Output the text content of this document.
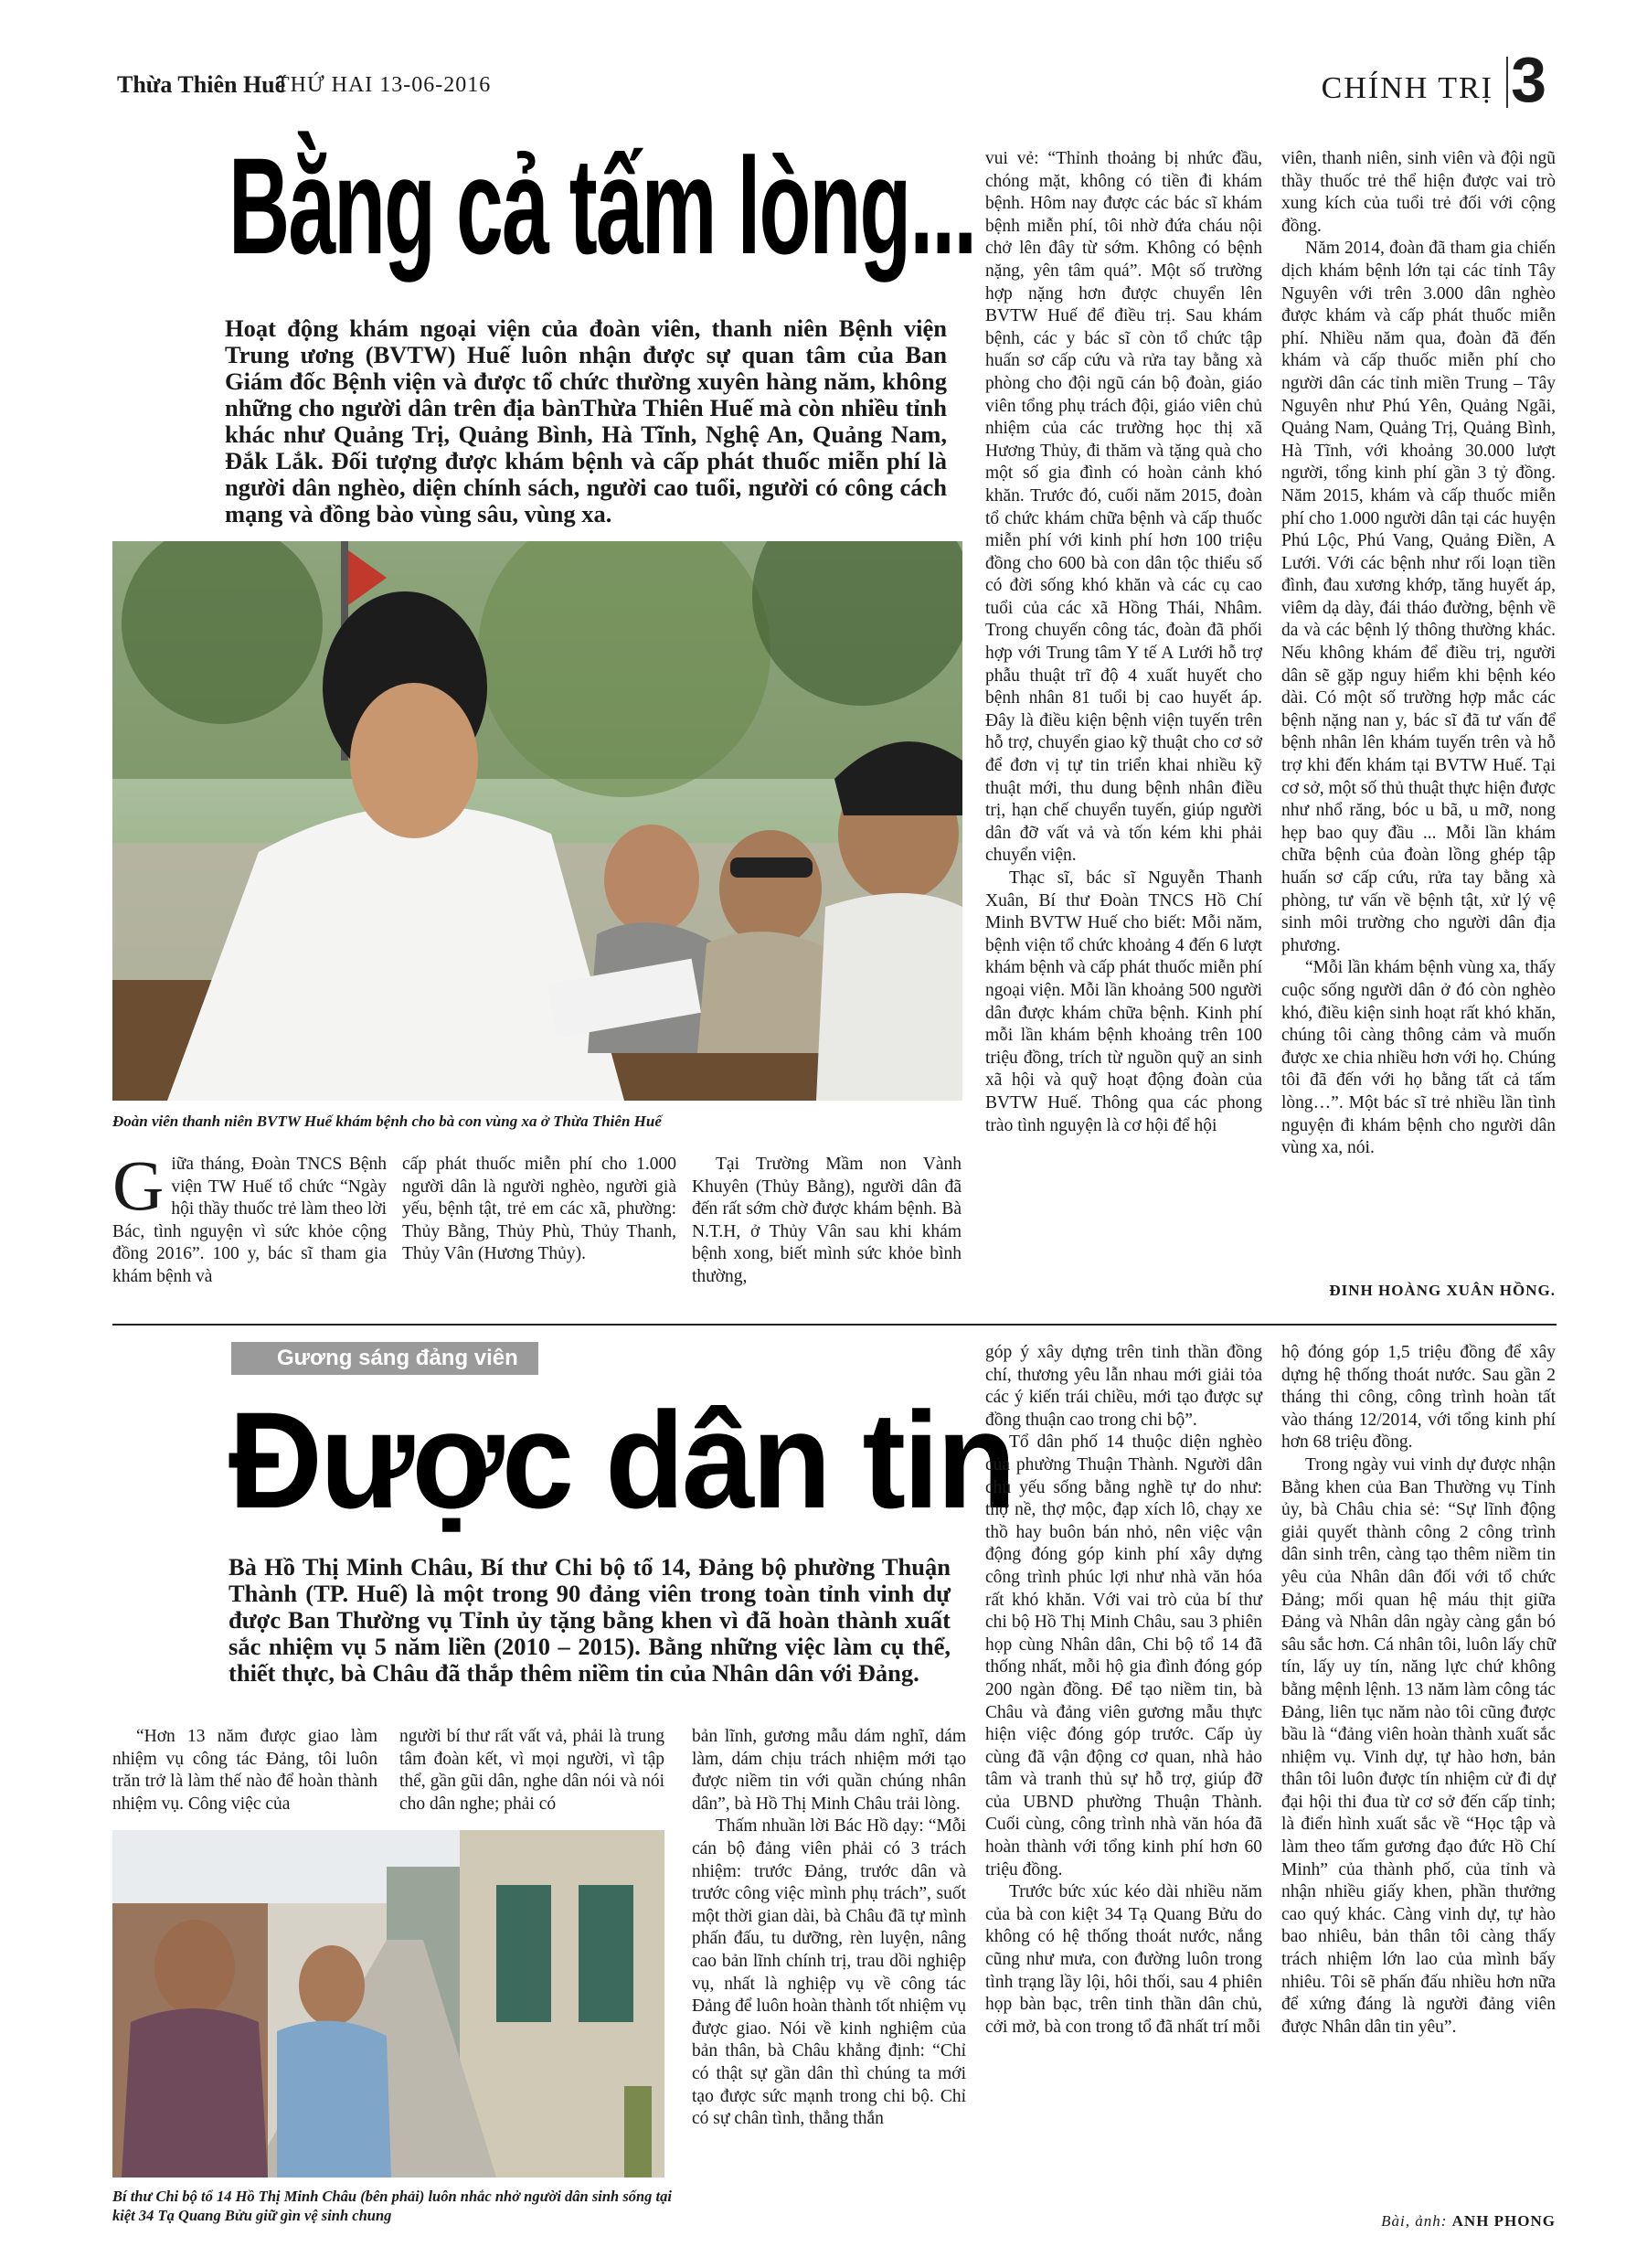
Thừa Thiên Huế
THỨ HAI 13-06-2016	CHÍNH TRỊ 3
Bằng cả tấm lòng...
Hoạt động khám ngoại viện của đoàn viên, thanh niên Bệnh viện Trung ương (BVTW) Huế luôn nhận được sự quan tâm của Ban Giám đốc Bệnh viện và được tổ chức thường xuyên hàng năm, không những cho người dân trên địa bànThừa Thiên Huế mà còn nhiều tỉnh khác như Quảng Trị, Quảng Bình, Hà Tĩnh, Nghệ An, Quảng Nam, Đắk Lắk. Đối tượng được khám bệnh và cấp phát thuốc miễn phí là người dân nghèo, diện chính sách, người cao tuổi, người có công cách mạng và đồng bào vùng sâu, vùng xa.
Đoàn viên thanh niên BVTW Huế khám bệnh cho bà con vùng xa ở Thừa Thiên Huế
Giữa tháng, Đoàn TNCS Bệnh viện TW Huế tổ chức “Ngày hội thầy thuốc trẻ làm theo lời Bác, tình nguyện vì sức khỏe cộng đồng 2016”. 100 y, bác sĩ tham gia khám bệnh và

cấp phát thuốc miễn phí cho 1.000 người dân là người nghèo, người già yếu, bệnh tật, trẻ em các xã, phường: Thủy Bằng, Thủy Phù, Thủy Thanh, Thủy Vân (Hương Thủy).

Tại Trường Mầm non Vành Khuyên (Thủy Bằng), người dân đã đến rất sớm chờ được khám bệnh. Bà N.T.H, ở Thủy Vân sau khi khám bệnh xong, biết mình sức khỏe bình thường,

vui vẻ: “Thỉnh thoảng bị nhức đầu, chóng mặt, không có tiền đi khám bệnh. Hôm nay được các bác sĩ khám bệnh miễn phí, tôi nhờ đứa cháu nội chở lên đây từ sớm. Không có bệnh nặng, yên tâm quá”. Một số trường hợp nặng hơn được chuyển lên BVTW Huế để điều trị. Sau khám bệnh, các y bác sĩ còn tổ chức tập huấn sơ cấp cứu và rửa tay bằng xà phòng cho đội ngũ cán bộ đoàn, giáo viên tổng phụ trách đội, giáo viên chủ nhiệm của các trường học thị xã Hương Thủy, đi thăm và tặng quà cho một số gia đình có hoàn cảnh khó khăn. Trước đó, cuối năm 2015, đoàn tổ chức khám chữa bệnh và cấp thuốc miễn phí với kinh phí hơn 100 triệu đồng cho 600 bà con dân tộc thiểu số có đời sống khó khăn và các cụ cao tuổi của các xã Hồng Thái, Nhâm. Trong chuyến công tác, đoàn đã phối hợp với Trung tâm Y tế A Lưới hỗ trợ phẫu thuật trĩ độ 4 xuất huyết cho bệnh nhân 81 tuổi bị cao huyết áp. Đây là điều kiện bệnh viện tuyến trên hỗ trợ, chuyển giao kỹ thuật cho cơ sở để đơn vị tự tin triển khai nhiều kỹ thuật mới, thu dung bệnh nhân điều trị, hạn chế chuyển tuyến, giúp người dân đỡ vất vả và tốn kém khi phải chuyển viện.

Thạc sĩ, bác sĩ Nguyễn Thanh Xuân, Bí thư Đoàn TNCS Hồ Chí Minh BVTW Huế cho biết: Mỗi năm, bệnh viện tổ chức khoảng 4 đến 6 lượt khám bệnh và cấp phát thuốc miễn phí ngoại viện. Mỗi lần khoảng 500 người dân được khám chữa bệnh. Kinh phí mỗi lần khám bệnh khoảng trên 100 triệu đồng, trích từ nguồn quỹ an sinh xã hội và quỹ hoạt động đoàn của BVTW Huế. Thông qua các phong trào tình nguyện là cơ hội để hội

viên, thanh niên, sinh viên và đội ngũ thầy thuốc trẻ thể hiện được vai trò xung kích của tuổi trẻ đối với cộng đồng.

Năm 2014, đoàn đã tham gia chiến dịch khám bệnh lớn tại các tỉnh Tây Nguyên với trên 3.000 dân nghèo được khám và cấp phát thuốc miễn phí. Nhiều năm qua, đoàn đã đến khám và cấp thuốc miễn phí cho người dân các tỉnh miền Trung – Tây Nguyên như Phú Yên, Quảng Ngãi, Quảng Nam, Quảng Trị, Quảng Bình, Hà Tĩnh, với khoảng 30.000 lượt người, tổng kinh phí gần 3 tỷ đồng. Năm 2015, khám và cấp thuốc miễn phí cho 1.000 người dân tại các huyện Phú Lộc, Phú Vang, Quảng Điền, A Lưới. Với các bệnh như rối loạn tiền đình, đau xương khớp, tăng huyết áp, viêm dạ dày, đái tháo đường, bệnh về da và các bệnh lý thông thường khác. Nếu không khám để điều trị, người dân sẽ gặp nguy hiểm khi bệnh kéo dài. Có một số trường hợp mắc các bệnh nặng nan y, bác sĩ đã tư vấn để bệnh nhân lên khám tuyến trên và hỗ trợ khi đến khám tại BVTW Huế. Tại cơ sở, một số thủ thuật thực hiện được như nhổ răng, bóc u bã, u mỡ, nong hẹp bao quy đầu ... Mỗi lần khám chữa bệnh của đoàn lồng ghép tập huấn sơ cấp cứu, rửa tay bằng xà phòng, tư vấn về bệnh tật, xử lý vệ sinh môi trường cho người dân địa phương.

“Mỗi lần khám bệnh vùng xa, thấy cuộc sống người dân ở đó còn nghèo khó, điều kiện sinh hoạt rất khó khăn, chúng tôi càng thông cảm và muốn được xe chia nhiều hơn với họ. Chúng tôi đã đến với họ bằng tất cả tấm lòng…”. Một bác sĩ trẻ nhiều lần tình nguyện đi khám bệnh cho người dân vùng xa, nói.

ĐINH HOÀNG XUÂN HỒNG.
Gương sáng đảng viên
Được dân tin
Bà Hồ Thị Minh Châu, Bí thư Chi bộ tổ 14, Đảng bộ phường Thuận Thành (TP. Huế) là một trong 90 đảng viên trong toàn tỉnh vinh dự được Ban Thường vụ Tỉnh ủy tặng bằng khen vì đã hoàn thành xuất sắc nhiệm vụ 5 năm liền (2010 – 2015). Bằng những việc làm cụ thể, thiết thực, bà Châu đã thắp thêm niềm tin của Nhân dân với Đảng.

“Hơn 13 năm được giao làm nhiệm vụ công tác Đảng, tôi luôn trăn trở là làm thế nào để hoàn thành nhiệm vụ. Công việc của

người bí thư rất vất vả, phải là trung tâm đoàn kết, vì mọi người, vì tập thể, gần gũi dân, nghe dân nói và nói cho dân nghe; phải có

Bí thư Chi bộ tổ 14 Hồ Thị Minh Châu (bên phải) luôn nhắc nhở người dân sinh sống tại kiệt 34 Tạ Quang Bửu giữ gìn vệ sinh chung

bản lĩnh, gương mẫu dám nghĩ, dám làm, dám chịu trách nhiệm mới tạo được niềm tin với quần chúng nhân dân”, bà Hồ Thị Minh Châu trải lòng.

Thấm nhuần lời Bác Hồ dạy: “Mỗi cán bộ đảng viên phải có 3 trách nhiệm: trước Đảng, trước dân và trước công việc mình phụ trách”, suốt một thời gian dài, bà Châu đã tự mình phấn đấu, tu dưỡng, rèn luyện, nâng cao bản lĩnh chính trị, trau dồi nghiệp vụ, nhất là nghiệp vụ về công tác Đảng để luôn hoàn thành tốt nhiệm vụ được giao. Nói về kinh nghiệm của bản thân, bà Châu khẳng định: “Chỉ có thật sự gần dân thì chúng ta mới tạo được sức mạnh trong chi bộ. Chỉ có sự chân tình, thẳng thắn

góp ý xây dựng trên tinh thần đồng chí, thương yêu lẫn nhau mới giải tỏa các ý kiến trái chiều, mới tạo được sự đồng thuận cao trong chi bộ”.

Tổ dân phố 14 thuộc diện nghèo của phường Thuận Thành. Người dân chủ yếu sống bằng nghề tự do như: thợ nề, thợ mộc, đạp xích lô, chạy xe thồ hay buôn bán nhỏ, nên việc vận động đóng góp kinh phí xây dựng công trình phúc lợi như nhà văn hóa rất khó khăn. Với vai trò của bí thư chi bộ Hồ Thị Minh Châu, sau 3 phiên họp cùng Nhân dân, Chi bộ tổ 14 đã thống nhất, mỗi hộ gia đình đóng góp 200 ngàn đồng. Để tạo niềm tin, bà Châu và đảng viên gương mẫu thực hiện việc đóng góp trước. Cấp ủy cùng đã vận động cơ quan, nhà hảo tâm và tranh thủ sự hỗ trợ, giúp đỡ của UBND phường Thuận Thành. Cuối cùng, công trình nhà văn hóa đã hoàn thành với tổng kinh phí hơn 60 triệu đồng.

Trước bức xúc kéo dài nhiều năm của bà con kiệt 34 Tạ Quang Bửu do không có hệ thống thoát nước, nắng cũng như mưa, con đường luôn trong tình trạng lầy lội, hôi thối, sau 4 phiên họp bàn bạc, trên tinh thần dân chủ, cởi mở, bà con trong tổ đã nhất trí mỗi

hộ đóng góp 1,5 triệu đồng để xây dựng hệ thống thoát nước. Sau gần 2 tháng thi công, công trình hoàn tất vào tháng 12/2014, với tổng kinh phí hơn 68 triệu đồng.

Trong ngày vui vinh dự được nhận Bằng khen của Ban Thường vụ Tỉnh ủy, bà Châu chia sẻ: “Sự lĩnh động giải quyết thành công 2 công trình dân sinh trên, càng tạo thêm niềm tin yêu của Nhân dân đối với tổ chức Đảng; mối quan hệ máu thịt giữa Đảng và Nhân dân ngày càng gắn bó sâu sắc hơn. Cá nhân tôi, luôn lấy chữ tín, lấy uy tín, năng lực chứ không bằng mệnh lệnh. 13 năm làm công tác Đảng, liên tục năm nào tôi cũng được bầu là “đảng viên hoàn thành xuất sắc nhiệm vụ. Vinh dự, tự hào hơn, bản thân tôi luôn được tín nhiệm cử đi dự đại hội thi đua từ cơ sở đến cấp tỉnh; là điển hình xuất sắc về “Học tập và làm theo tấm gương đạo đức Hồ Chí Minh” của thành phố, của tỉnh và nhận nhiều giấy khen, phần thưởng cao quý khác. Càng vinh dự, tự hào bao nhiêu, bản thân tôi càng thấy trách nhiệm lớn lao của mình bấy nhiêu. Tôi sẽ phấn đấu nhiều hơn nữa để xứng đáng là người đảng viên được Nhân dân tin yêu”.

Bài, ảnh: ANH PHONG
